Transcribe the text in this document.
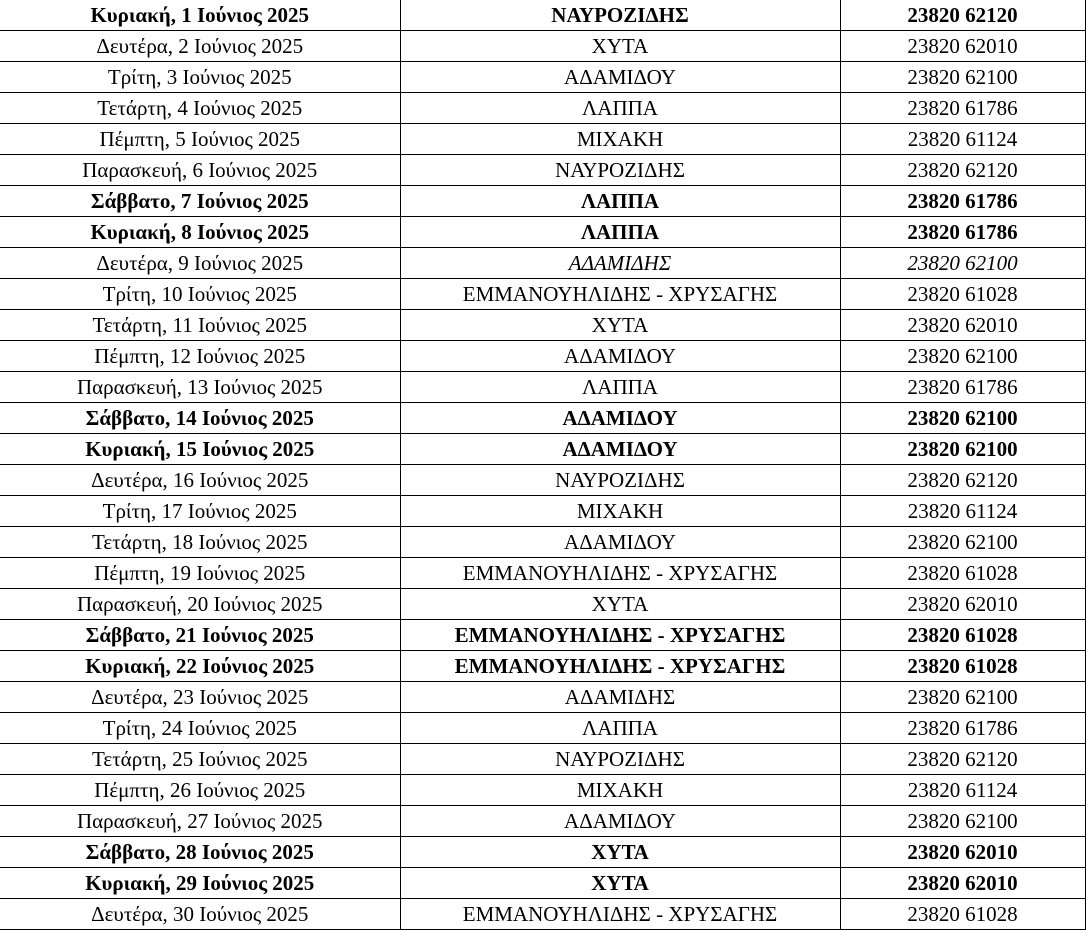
Κυριακή, 1 Ιούνιος 2025	ΝΑΥΡΟΖΙΔΗΣ	23820 62120
Δευτέρα, 2 Ιούνιος 2025	ΧΥΤΑ	23820 62010
Τρίτη, 3 Ιούνιος 2025	ΑΔΑΜΙΔΟΥ	23820 62100
Τετάρτη, 4 Ιούνιος 2025	ΛΑΠΠΑ	23820 61786
Πέμπτη, 5 Ιούνιος 2025	ΜΙΧΑΚΗ	23820 61124
Παρασκευή, 6 Ιούνιος 2025	ΝΑΥΡΟΖΙΔΗΣ	23820 62120
Σάββατο, 7 Ιούνιος 2025	ΛΑΠΠΑ	23820 61786
Κυριακή, 8 Ιούνιος 2025	ΛΑΠΠΑ	23820 61786
Δευτέρα, 9 Ιούνιος 2025	ΑΔΑΜΙΔΗΣ	23820 62100
Τρίτη, 10 Ιούνιος 2025	ΕΜΜΑΝΟΥΗΛΙΔΗΣ - ΧΡΥΣΑΓΗΣ	23820 61028
Τετάρτη, 11 Ιούνιος 2025	ΧΥΤΑ	23820 62010
Πέμπτη, 12 Ιούνιος 2025	ΑΔΑΜΙΔΟΥ	23820 62100
Παρασκευή, 13 Ιούνιος 2025	ΛΑΠΠΑ	23820 61786
Σάββατο, 14 Ιούνιος 2025	ΑΔΑΜΙΔΟΥ	23820 62100
Κυριακή, 15 Ιούνιος 2025	ΑΔΑΜΙΔΟΥ	23820 62100
Δευτέρα, 16 Ιούνιος 2025	ΝΑΥΡΟΖΙΔΗΣ	23820 62120
Τρίτη, 17 Ιούνιος 2025	ΜΙΧΑΚΗ	23820 61124
Τετάρτη, 18 Ιούνιος 2025	ΑΔΑΜΙΔΟΥ	23820 62100
Πέμπτη, 19 Ιούνιος 2025	ΕΜΜΑΝΟΥΗΛΙΔΗΣ - ΧΡΥΣΑΓΗΣ	23820 61028
Παρασκευή, 20 Ιούνιος 2025	ΧΥΤΑ	23820 62010
Σάββατο, 21 Ιούνιος 2025	ΕΜΜΑΝΟΥΗΛΙΔΗΣ - ΧΡΥΣΑΓΗΣ	23820 61028
Κυριακή, 22 Ιούνιος 2025	ΕΜΜΑΝΟΥΗΛΙΔΗΣ - ΧΡΥΣΑΓΗΣ	23820 61028
Δευτέρα, 23 Ιούνιος 2025	ΑΔΑΜΙΔΗΣ	23820 62100
Τρίτη, 24 Ιούνιος 2025	ΛΑΠΠΑ	23820 61786
Τετάρτη, 25 Ιούνιος 2025	ΝΑΥΡΟΖΙΔΗΣ	23820 62120
Πέμπτη, 26 Ιούνιος 2025	ΜΙΧΑΚΗ	23820 61124
Παρασκευή, 27 Ιούνιος 2025	ΑΔΑΜΙΔΟΥ	23820 62100
Σάββατο, 28 Ιούνιος 2025	ΧΥΤΑ	23820 62010
Κυριακή, 29 Ιούνιος 2025	ΧΥΤΑ	23820 62010
Δευτέρα, 30 Ιούνιος 2025	ΕΜΜΑΝΟΥΗΛΙΔΗΣ - ΧΡΥΣΑΓΗΣ	23820 61028
